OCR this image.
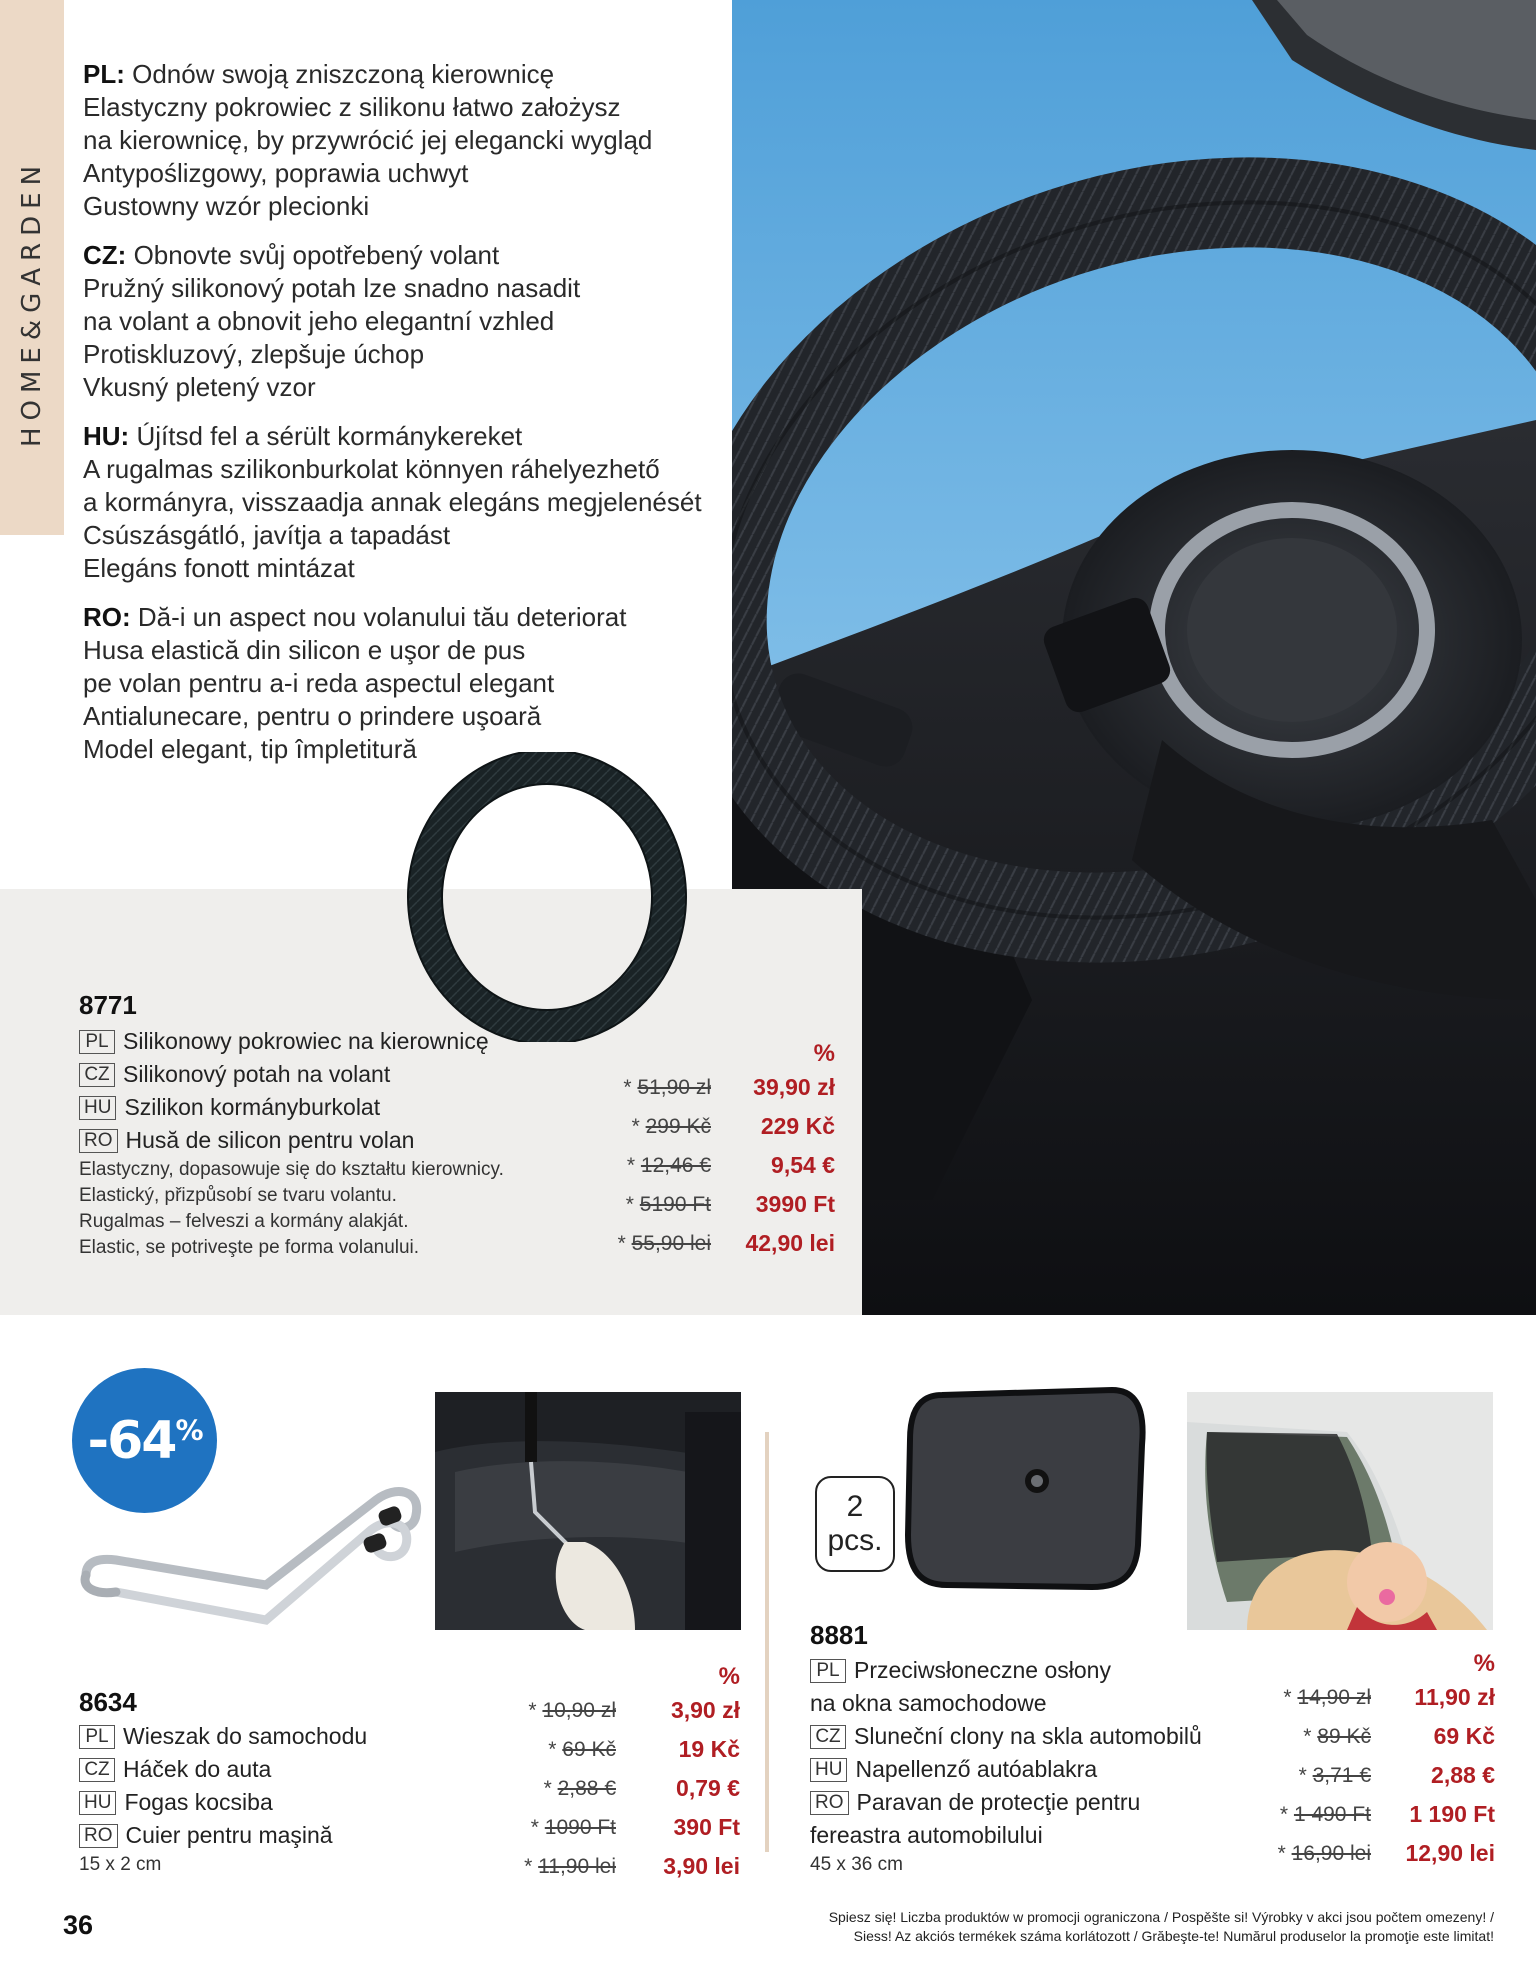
HOME&GARDEN
PL: Odnów swoją zniszczoną kierownicę
Elastyczny pokrowiec z silikonu łatwo założysz
na kierownicę, by przywrócić jej elegancki wygląd
Antypoślizgowy, poprawia uchwyt
Gustowny wzór plecionki
CZ: Obnovte svůj opotřebený volant
Pružný silikonový potah lze snadno nasadit
na volant a obnovit jeho elegantní vzhled
Protiskluzový, zlepšuje úchop
Vkusný pletený vzor
HU: Újítsd fel a sérült kormánykereket
A rugalmas szilikonburkolat könnyen ráhelyezhető
a kormányra, visszaadja annak elegáns megjelenését
Csúszásgátló, javítja a tapadást
Elegáns fonott mintázat
RO: Dă-i un aspect nou volanului tău deteriorat
Husa elastică din silicon e uşor de pus
pe volan pentru a-i reda aspectul elegant
Antialunecare, pentru o prindere uşoară
Model elegant, tip împletitură
8771
PL Silikonowy pokrowiec na kierownicę
CZ Silikonový potah na volant
HU Szilikon kormányburkolat
RO Husă de silicon pentru volan
Elastyczny, dopasowuje się do kształtu kierownicy.
Elastický, přizpůsobí se tvaru volantu.
Rugalmas – felveszi a kormány alakját.
Elastic, se potriveşte pe forma volanului.
%
* 51,90 zł	39,90 zł
* 299 Kč	229 Kč
* 12,46 €	9,54 €
* 5190 Ft	3990 Ft
* 55,90 lei	42,90 lei
-64%
8634
PL Wieszak do samochodu
CZ Háček do auta
HU Fogas kocsiba
RO Cuier pentru maşină
15 x 2 cm
%
* 10,90 zł	3,90 zł
* 69 Kč	19 Kč
* 2,88 €	0,79 €
* 1090 Ft	390 Ft
* 11,90 lei	3,90 lei
2
pcs.
8881
PL Przeciwsłoneczne osłony
na okna samochodowe
CZ Sluneční clony na skla automobilů
HU Napellenző autóablakra
RO Paravan de protecţie pentru
fereastra automobilului
45 x 36 cm
%
* 14,90 zł	11,90 zł
* 89 Kč	69 Kč
* 3,71 €	2,88 €
* 1 490 Ft	1 190 Ft
* 16,90 lei	12,90 lei
36	Spiesz się! Liczba produktów w promocji ograniczona / Pospěšte si! Výrobky v akci jsou počtem omezeny! /
Siess! Az akciós termékek száma korlátozott / Grăbeşte-te! Numărul produselor la promoţie este limitat!
